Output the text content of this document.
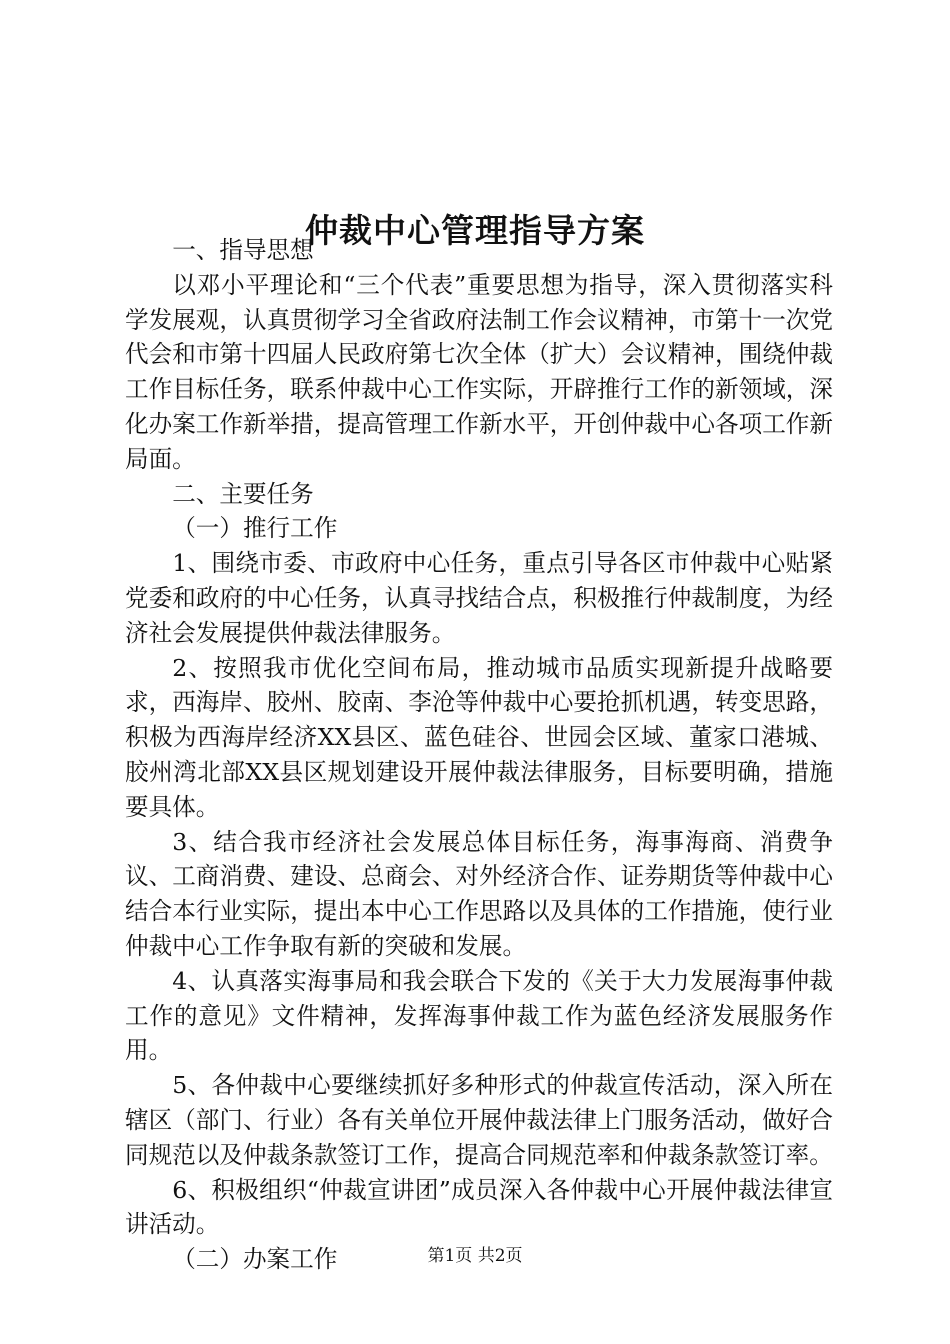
仲裁中心管理指导方案

一、指导思想

以邓小平理论和“三个代表”重要思想为指导，深入贯彻落实科学发展观，认真贯彻学习全省政府法制工作会议精神，市第十一次党代会和市第十四届人民政府第七次全体（扩大）会议精神，围绕仲裁工作目标任务，联系仲裁中心工作实际，开辟推行工作的新领域，深化办案工作新举措，提高管理工作新水平，开创仲裁中心各项工作新局面。

二、主要任务

（一）推行工作

1、围绕市委、市政府中心任务，重点引导各区市仲裁中心贴紧党委和政府的中心任务，认真寻找结合点，积极推行仲裁制度，为经济社会发展提供仲裁法律服务。

2、按照我市优化空间布局，推动城市品质实现新提升战略要求，西海岸、胶州、胶南、李沧等仲裁中心要抢抓机遇，转变思路，积极为西海岸经济XX县区、蓝色硅谷、世园会区域、董家口港城、胶州湾北部XX县区规划建设开展仲裁法律服务，目标要明确，措施要具体。

3、结合我市经济社会发展总体目标任务，海事海商、消费争议、工商消费、建设、总商会、对外经济合作、证券期货等仲裁中心结合本行业实际，提出本中心工作思路以及具体的工作措施，使行业仲裁中心工作争取有新的突破和发展。

4、认真落实海事局和我会联合下发的《关于大力发展海事仲裁工作的意见》文件精神，发挥海事仲裁工作为蓝色经济发展服务作用。

5、各仲裁中心要继续抓好多种形式的仲裁宣传活动，深入所在辖区（部门、行业）各有关单位开展仲裁法律上门服务活动，做好合同规范以及仲裁条款签订工作，提高合同规范率和仲裁条款签订率。

6、积极组织“仲裁宣讲团”成员深入各仲裁中心开展仲裁法律宣讲活动。

（二）办案工作	第1页 共2页
